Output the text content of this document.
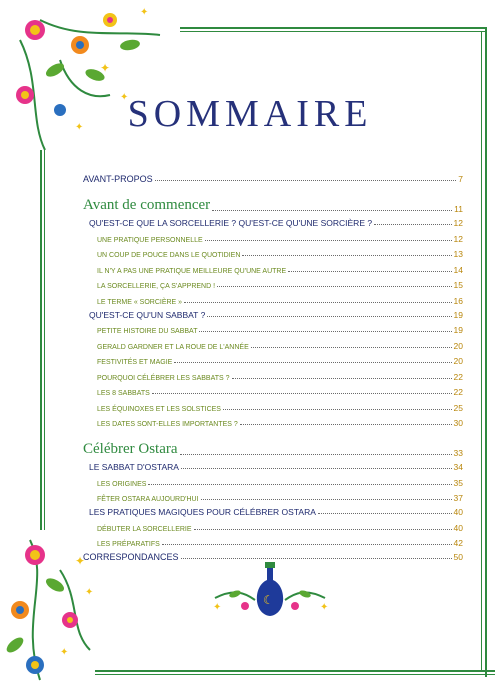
✦
✦
✦
✦
✦
✦
✦
SOMMAIRE
AVANT-PROPOS	7
Avant de commencer	11
QU'EST-CE QUE LA SORCELLERIE ? QU'EST-CE QU'UNE SORCIÈRE ?	12
UNE PRATIQUE PERSONNELLE	12
UN COUP DE POUCE DANS LE QUOTIDIEN	13
IL N'Y A PAS UNE PRATIQUE MEILLEURE QU'UNE AUTRE	14
LA SORCELLERIE, ÇA S'APPREND !	15
LE TERME « SORCIÈRE »	16
QU'EST-CE QU'UN SABBAT ?	19
PETITE HISTOIRE DU SABBAT	19
GERALD GARDNER ET LA ROUE DE L'ANNÉE	20
FESTIVITÉS ET MAGIE	20
POURQUOI CÉLÉBRER LES SABBATS ?	22
LES 8 SABBATS	22
LES ÉQUINOXES ET LES SOLSTICES	25
LES DATES SONT-ELLES IMPORTANTES ?	30
Célébrer Ostara	33
LE SABBAT D'OSTARA	34
LES ORIGINES	35
FÊTER OSTARA AUJOURD'HUI	37
LES PRATIQUES MAGIQUES POUR CÉLÉBRER OSTARA	40
DÉBUTER LA SORCELLERIE	40
LES PRÉPARATIFS	42
CORRESPONDANCES	50
☾
✦	✦
